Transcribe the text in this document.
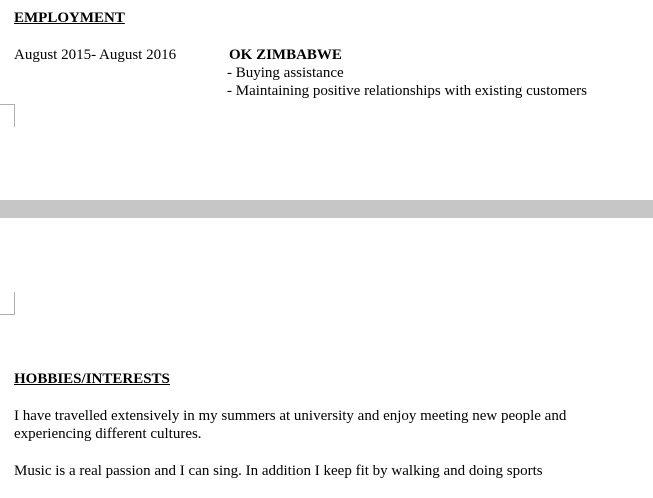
EMPLOYMENT
August 2015- August 2016	OK ZIMBABWE
- Buying assistance
- Maintaining positive relationships with existing customers
HOBBIES/INTERESTS
I have travelled extensively in my summers at university and enjoy meeting new people and
experiencing different cultures.
Music is a real passion and I can sing. In addition I keep fit by walking and doing sports
